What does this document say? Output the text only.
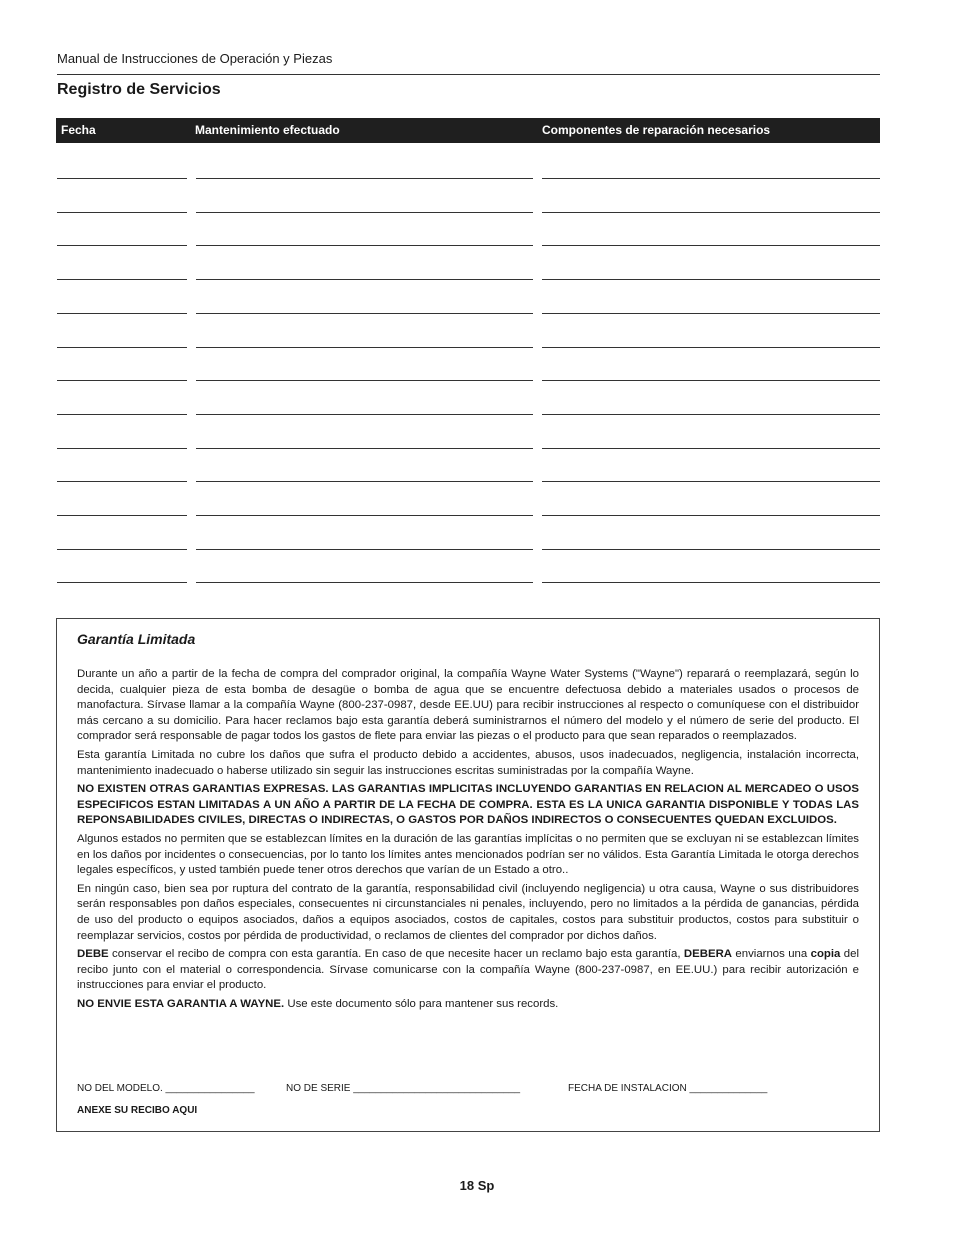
Manual de Instrucciones de Operación y Piezas
Registro de Servicios
Fecha	Mantenimiento efectuado	Componentes de reparación necesarios
Garantía Limitada

Durante un año a partir de la fecha de compra del comprador original, la compañía Wayne Water Systems ("Wayne") reparará o reemplazará, según lo decida, cualquier pieza de esta bomba de desagüe o bomba de agua que se encuentre defectuosa debido a materiales usados o procesos de manofactura. Sírvase llamar a la compañía Wayne (800-237-0987, desde EE.UU) para recibir instrucciones al respecto o comuníquese con el distribuidor más cercano a su domicilio. Para hacer reclamos bajo esta garantía deberá suministrarnos el número del modelo y el número de serie del producto. El comprador será responsable de pagar todos los gastos de flete para enviar las piezas o el producto para que sean reparados o reemplazados.

Esta garantía Limitada no cubre los daños que sufra el producto debido a accidentes, abusos, usos inadecuados, negligencia, instalación incorrecta, mantenimiento inadecuado o haberse utilizado sin seguir las instrucciones escritas suministradas por la compañía Wayne.

NO EXISTEN OTRAS GARANTIAS EXPRESAS. LAS GARANTIAS IMPLICITAS INCLUYENDO GARANTIAS EN RELACION AL MERCADEO O USOS ESPECIFICOS ESTAN LIMITADAS A UN AÑO A PARTIR DE LA FECHA DE COMPRA. ESTA ES LA UNICA GARANTIA DISPONIBLE Y TODAS LAS REPONSABILIDADES CIVILES, DIRECTAS O INDIRECTAS, O GASTOS POR DAÑOS INDIRECTOS O CONSECUENTES QUEDAN EXCLUIDOS.

Algunos estados no permiten que se establezcan límites en la duración de las garantías implícitas o no permiten que se excluyan ni se establezcan límites en los daños por incidentes o consecuencias, por lo tanto los límites antes mencionados podrían ser no válidos. Esta Garantía Limitada le otorga derechos legales específicos, y usted también puede tener otros derechos que varían de un Estado a otro..

En ningún caso, bien sea por ruptura del contrato de la garantía, responsabilidad civil (incluyendo negligencia) u otra causa, Wayne o sus distribuidores serán responsables pon daños especiales, consecuentes ni circunstanciales ni penales, incluyendo, pero no limitados a la pérdida de ganancias, pérdida de uso del producto o equipos asociados, daños a equipos asociados, costos de capitales, costos para substituir productos, costos para substituir o reemplazar servicios, costos por pérdida de productividad, o reclamos de clientes del comprador por dichos daños.

DEBE conservar el recibo de compra con esta garantía. En caso de que necesite hacer un reclamo bajo esta garantía, DEBERA enviarnos una copia del recibo junto con el material o correspondencia. Sírvase comunicarse con la compañía Wayne (800-237-0987, en EE.UU.) para recibir autorización e instrucciones para enviar el producto.

NO ENVIE ESTA GARANTIA A WAYNE. Use este documento sólo para mantener sus records.

NO DEL MODELO. ________________	NO DE SERIE ______________________________	FECHA DE INSTALACION ______________
ANEXE SU RECIBO AQUI
18 Sp
